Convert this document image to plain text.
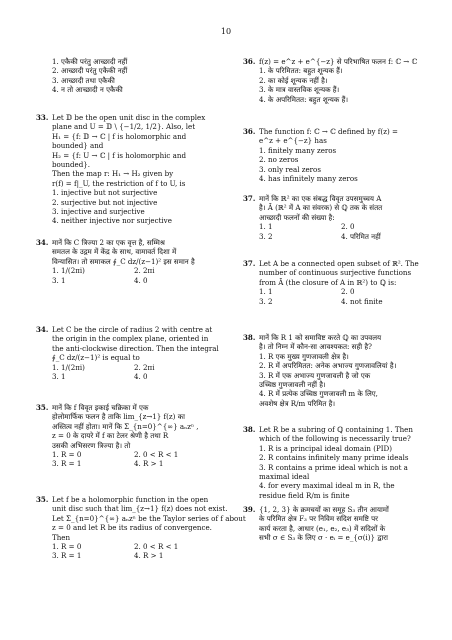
10
1. एकैकी परंतु आच्छादी नहीं
2. आच्छादी परंतु एकैकी नहीं
3. आच्छादी तथा एकैकी
4. न तो आच्छादी न एकैकी
33. Let 𝔻 be the open unit disc in the complex
plane and U = 𝔻 \ {−1/2, 1/2}. Also, let
H₁ = {f: 𝔻 → ℂ | f is holomorphic and
bounded} and
H₂ = {f: U → ℂ | f is holomorphic and
bounded}.
Then the map r: H₁ → H₂ given by
r(f) = f|_U, the restriction of f to U, is
1. injective but not surjective
2. surjective but not injective
3. injective and surjective
4. neither injective nor surjective
34. मानें कि C त्रिज्या 2 का एक वृत्त है, सम्मिश्र
समतल के उद्गम में केंद्र के साथ, वामावर्त दिशा में
विन्यासित। तो समाकल ∮_C dz/(z−1)² इस समान है
1. 1/(2πi)	2. 2πi
3. 1	4. 0
34. Let C be the circle of radius 2 with centre at
the origin in the complex plane, oriented in
the anti-clockwise direction. Then the integral
∮_C dz/(z−1)² is equal to
1. 1/(2πi)	2. 2πi
3. 1	4. 0
35. मानें कि f विवृत इकाई चक्रिका में एक
होलोमार्फिक फलन है ताकि lim_{z→1} f(z) का
अस्तित्व नहीं होता। मानें कि Σ_{n=0}^{∞} aₙzⁿ ,
z = 0 के दायरे में f का टेलर श्रेणी है तथा R
उसकी अभिसरण त्रिज्या है। तो
1. R = 0	2. 0 < R < 1
3. R = 1	4. R > 1
35. Let f be a holomorphic function in the open
unit disc such that lim_{z→1} f(z) does not exist.
Let Σ_{n=0}^{∞} aₙzⁿ be the Taylor series of f about
z = 0 and let R be its radius of convergence.
Then
1. R = 0	2. 0 < R < 1
3. R = 1	4. R > 1
36. f(z) = e^z + e^{−z} से परिभाषित फलन f: ℂ → ℂ
1. के परिमितत: बहुत शून्यक हैं।
2. का कोई शून्यक नहीं है।
3. के मात्र वास्तविक शून्यक हैं।
4. के अपरिमितत: बहुत शून्यक हैं।
36. The function f: ℂ → ℂ defined by f(z) =
e^z + e^{−z} has
1. finitely many zeros
2. no zeros
3. only real zeros
4. has infinitely many zeros
37. मानें कि ℝ² का एक संबद्ध विवृत उपसमुच्चय A
है। Ā (ℝ² में A का संवरक) से ℚ तक के संतत
आच्छादी फलनों की संख्या है:
1. 1	2. 0
3. 2	4. परिमित नहीं
37. Let A be a connected open subset of ℝ². The
number of continuous surjective functions
from Ā (the closure of A in ℝ²) to ℚ is:
1. 1	2. 0
3. 2	4. not finite
38. मानें कि R 1 को समाविष्ट करते ℚ का उपवलय
है। तो निम्न में कौन-सा आवश्यकत: सही है?
1. R एक मुख्य गुणजावली क्षेत्र है।
2. R में अपरिमितत: अनेक अभाज्य गुणजावलियां है।
3. R में एक अभाज्य गुणजावली है जो एक
उच्चिष्ठ गुणजावली नहीं है।
4. R में प्रत्येक उच्चिष्ठ गुणजावली m के लिए,
अवशेष क्षेत्र R/m परिमित है।
38. Let R be a subring of ℚ containing 1. Then
which of the following is necessarily true?
1. R is a principal ideal domain (PID)
2. R contains infinitely many prime ideals
3. R contains a prime ideal which is not a
maximal ideal
4. for every maximal ideal m in R, the
residue field R/m is finite
39. {1, 2, 3} के क्रमचयों का समूह S₃ तीन आयामों
के परिमित क्षेत्र F₃ पर निविम सदिश समष्टि पर
कार्य करता है, आधार (e₁, e₂, e₃) में सदिशों के
सभी σ ∈ S₃ के लिए σ · eᵢ = e_{σ(i)} द्वारा
